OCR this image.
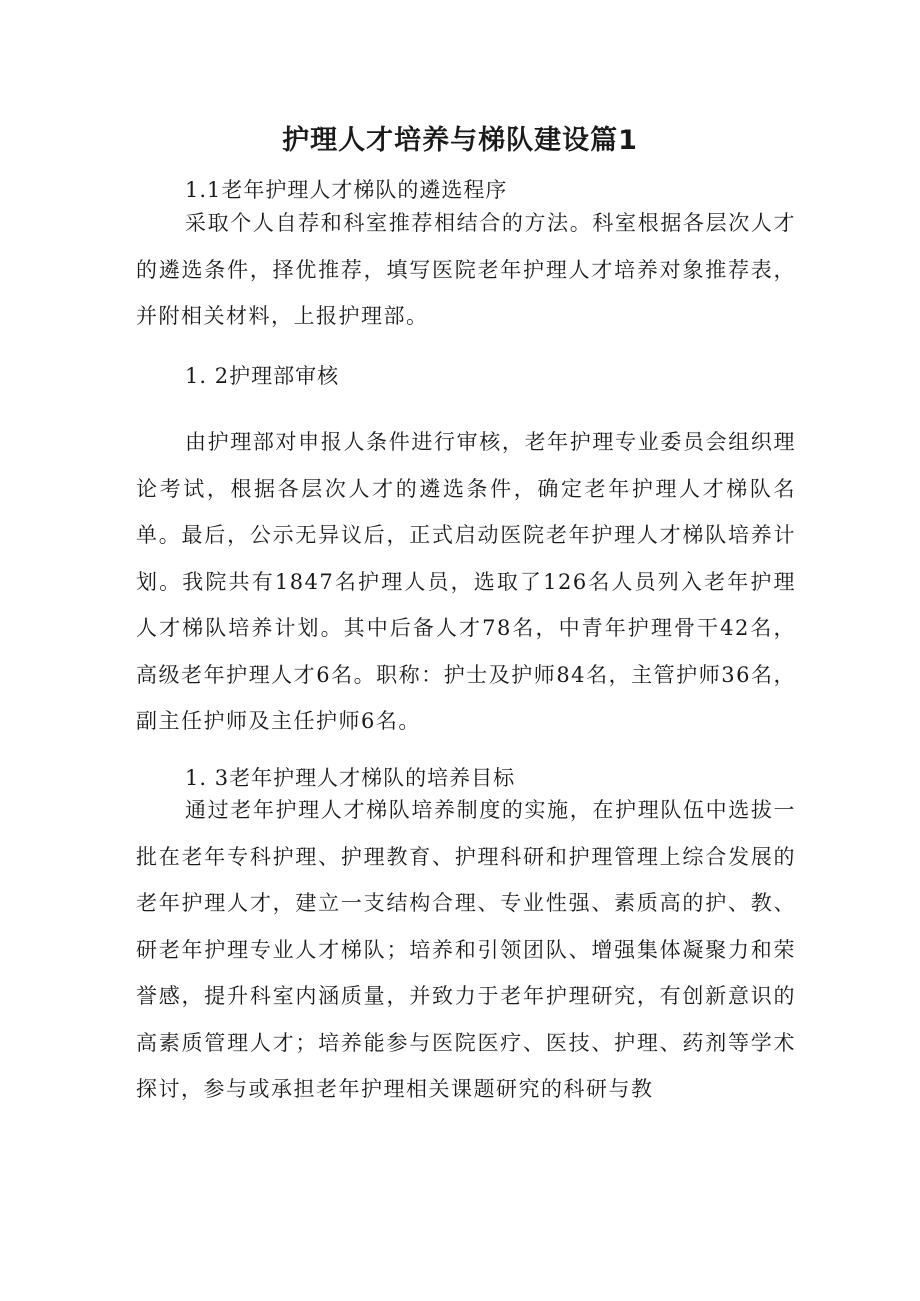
护理人才培养与梯队建设篇1

1.1老年护理人才梯队的遴选程序

采取个人自荐和科室推荐相结合的方法。科室根据各层次人才的遴选条件，择优推荐，填写医院老年护理人才培养对象推荐表，并附相关材料，上报护理部。

1. 2护理部审核

由护理部对申报人条件进行审核，老年护理专业委员会组织理论考试，根据各层次人才的遴选条件，确定老年护理人才梯队名单。最后，公示无异议后，正式启动医院老年护理人才梯队培养计划。我院共有1847名护理人员，选取了126名人员列入老年护理人才梯队培养计划。其中后备人才78名，中青年护理骨干42名，高级老年护理人才6名。职称：护士及护师84名，主管护师36名，副主任护师及主任护师6名。

1. 3老年护理人才梯队的培养目标

通过老年护理人才梯队培养制度的实施，在护理队伍中选拔一批在老年专科护理、护理教育、护理科研和护理管理上综合发展的老年护理人才，建立一支结构合理、专业性强、素质高的护、教、研老年护理专业人才梯队；培养和引领团队、增强集体凝聚力和荣誉感，提升科室内涵质量，并致力于老年护理研究，有创新意识的高素质管理人才；培养能参与医院医疗、医技、护理、药剂等学术探讨，参与或承担老年护理相关课题研究的科研与教
